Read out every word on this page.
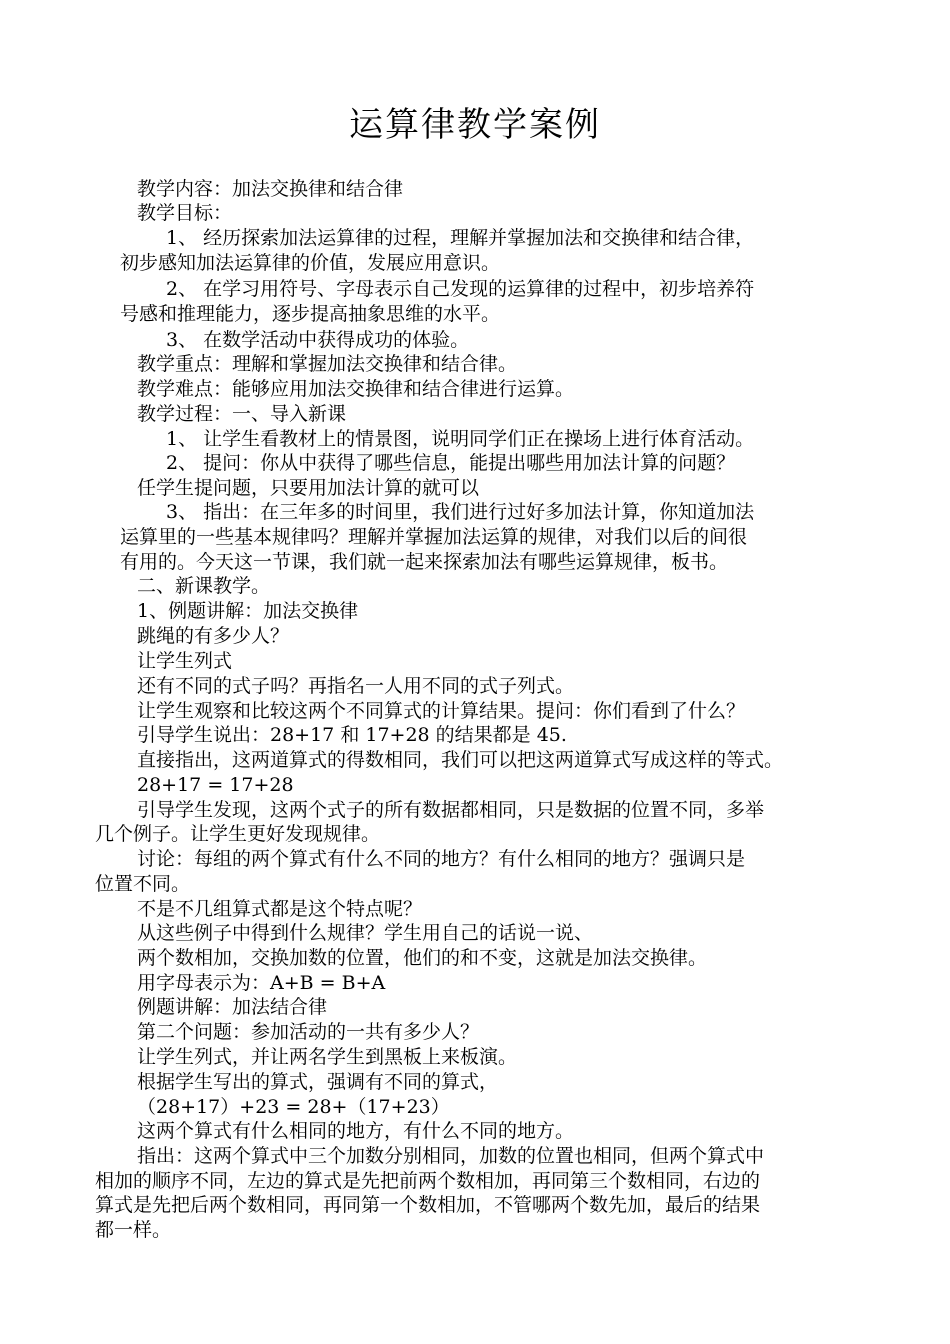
运算律教学案例
教学内容：加法交换律和结合律
教学目标：
1、 经历探索加法运算律的过程，理解并掌握加法和交换律和结合律，
初步感知加法运算律的价值，发展应用意识。
2、 在学习用符号、字母表示自己发现的运算律的过程中，初步培养符
号感和推理能力，逐步提高抽象思维的水平。
3、 在数学活动中获得成功的体验。
教学重点：理解和掌握加法交换律和结合律。
教学难点：能够应用加法交换律和结合律进行运算。
教学过程：一、导入新课
1、 让学生看教材上的情景图，说明同学们正在操场上进行体育活动。
2、 提问：你从中获得了哪些信息，能提出哪些用加法计算的问题？
任学生提问题，只要用加法计算的就可以
3、 指出：在三年多的时间里，我们进行过好多加法计算，你知道加法
运算里的一些基本规律吗？理解并掌握加法运算的规律，对我们以后的间很
有用的。今天这一节课，我们就一起来探索加法有哪些运算规律，板书。
二、新课教学。
1、例题讲解：加法交换律
跳绳的有多少人？
让学生列式
还有不同的式子吗？再指名一人用不同的式子列式。
让学生观察和比较这两个不同算式的计算结果。提问：你们看到了什么？
引导学生说出：28+17 和 17+28 的结果都是 45.
直接指出，这两道算式的得数相同，我们可以把这两道算式写成这样的等式。
28+17 = 17+28
引导学生发现，这两个式子的所有数据都相同，只是数据的位置不同，多举
几个例子。让学生更好发现规律。
讨论：每组的两个算式有什么不同的地方？有什么相同的地方？强调只是
位置不同。
不是不几组算式都是这个特点呢？
从这些例子中得到什么规律？学生用自己的话说一说、
两个数相加，交换加数的位置，他们的和不变，这就是加法交换律。
用字母表示为：A+B = B+A
例题讲解：加法结合律
第二个问题：参加活动的一共有多少人？
让学生列式，并让两名学生到黑板上来板演。
根据学生写出的算式，强调有不同的算式，
（28+17）+23 = 28+（17+23）
这两个算式有什么相同的地方，有什么不同的地方。
指出：这两个算式中三个加数分别相同，加数的位置也相同，但两个算式中
相加的顺序不同，左边的算式是先把前两个数相加，再同第三个数相同，右边的
算式是先把后两个数相同，再同第一个数相加，不管哪两个数先加，最后的结果
都一样。
